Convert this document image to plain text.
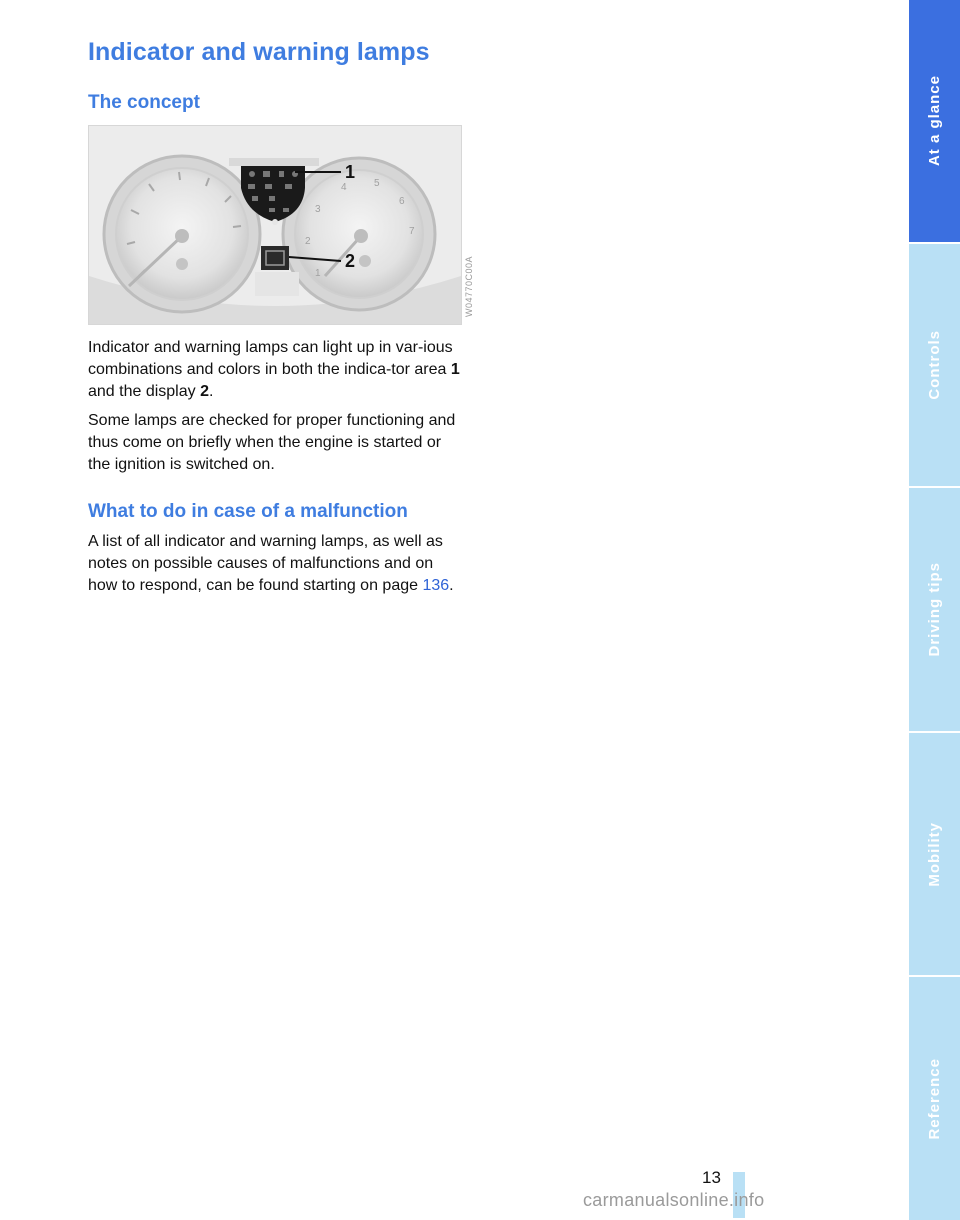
Indicator and warning lamps
The concept
1
2
3
4	5
6
7
1
2	W04770C00A

Indicator and warning lamps can light up in var-ious combinations and colors in both the indica-tor area 1 and the display 2.

Some lamps are checked for proper functioning and thus come on briefly when the engine is started or the ignition is switched on.

What to do in case of a malfunction

A list of all indicator and warning lamps, as well as notes on possible causes of malfunctions and on how to respond, can be found starting on page 136.

At a glance
Controls
Driving tips
Mobility
Reference
13
carmanualsonline.info
